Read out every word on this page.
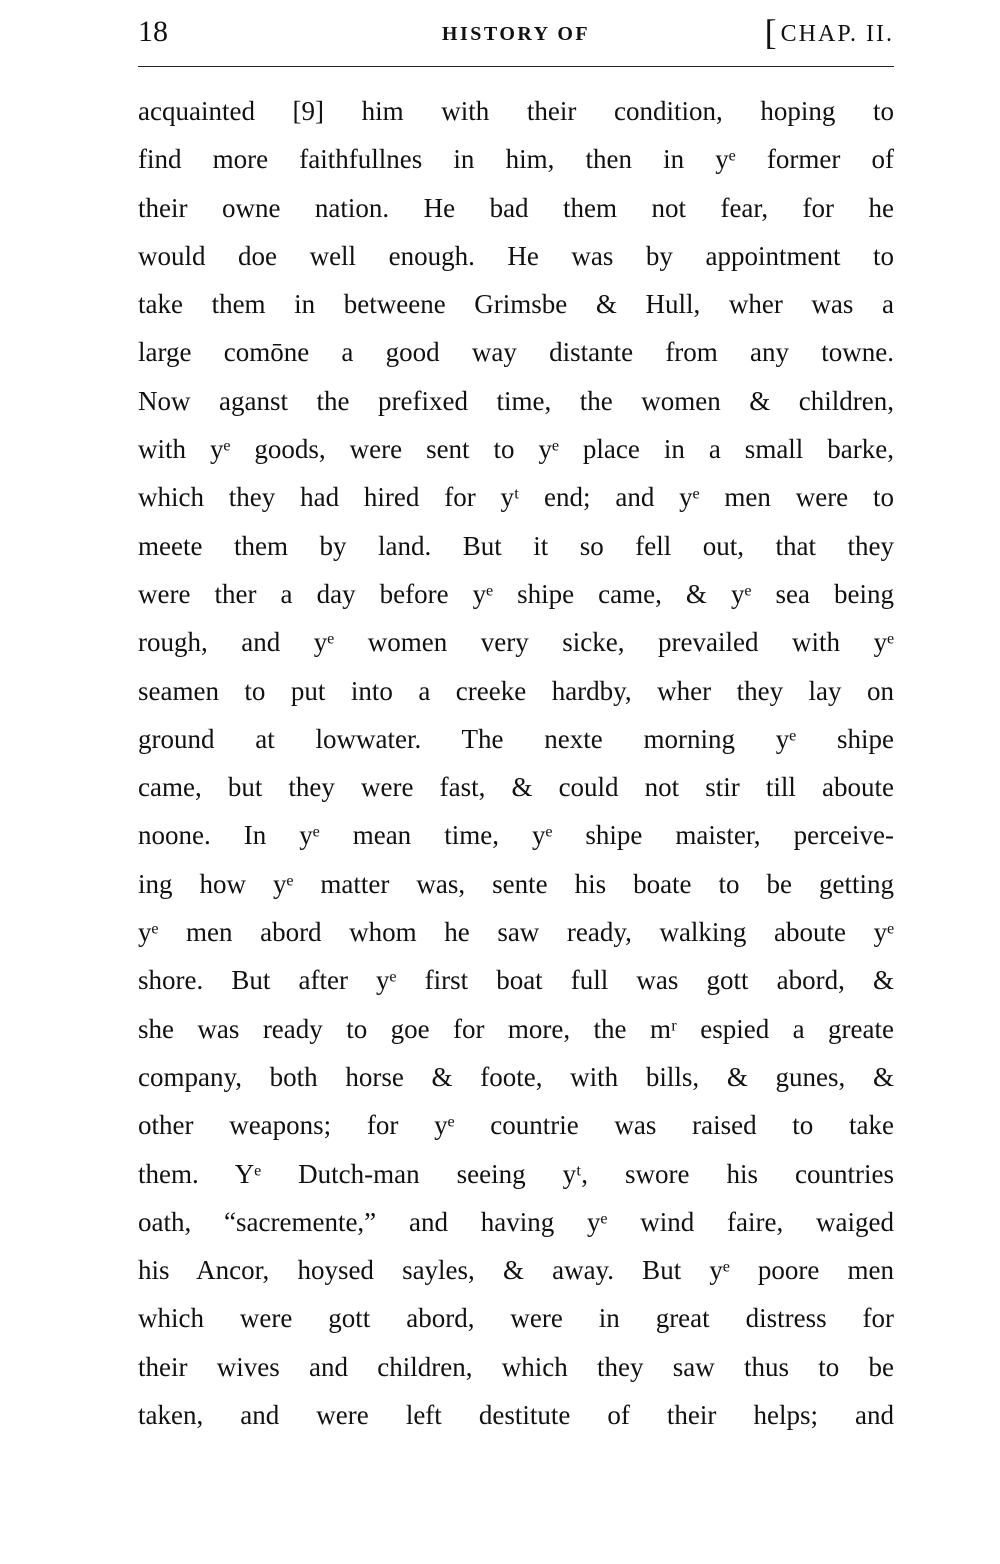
18	HISTORY OF	[CHAP. II.
acquainted [9] him with their condition, hoping to
find more faithfullnes in him, then in yᵉ former of
their owne nation. He bad them not fear, for he
would doe well enough. He was by appointment to
take them in betweene Grimsbe & Hull, wher was a
large comōne a good way distante from any towne.
Now aganst the prefixed time, the women & children,
with yᵉ goods, were sent to yᵉ place in a small barke,
which they had hired for yᵗ end; and yᵉ men were to
meete them by land. But it so fell out, that they
were ther a day before yᵉ shipe came, & yᵉ sea being
rough, and yᵉ women very sicke, prevailed with yᵉ
seamen to put into a creeke hardby, wher they lay on
ground at lowwater. The nexte morning yᵉ shipe
came, but they were fast, & could not stir till aboute
noone. In yᵉ mean time, yᵉ shipe maister, perceive-
ing how yᵉ matter was, sente his boate to be getting
yᵉ men abord whom he saw ready, walking aboute yᵉ
shore. But after yᵉ first boat full was gott abord, &
she was ready to goe for more, the mʳ espied a greate
company, both horse & foote, with bills, & gunes, &
other weapons; for yᵉ countrie was raised to take
them. Yᵉ Dutch-man seeing yᵗ, swore his countries
oath, “sacremente,” and having yᵉ wind faire, waiged
his Ancor, hoysed sayles, & away. But yᵉ poore men
which were gott abord, were in great distress for
their wives and children, which they saw thus to be
taken, and were left destitute of their helps; and
